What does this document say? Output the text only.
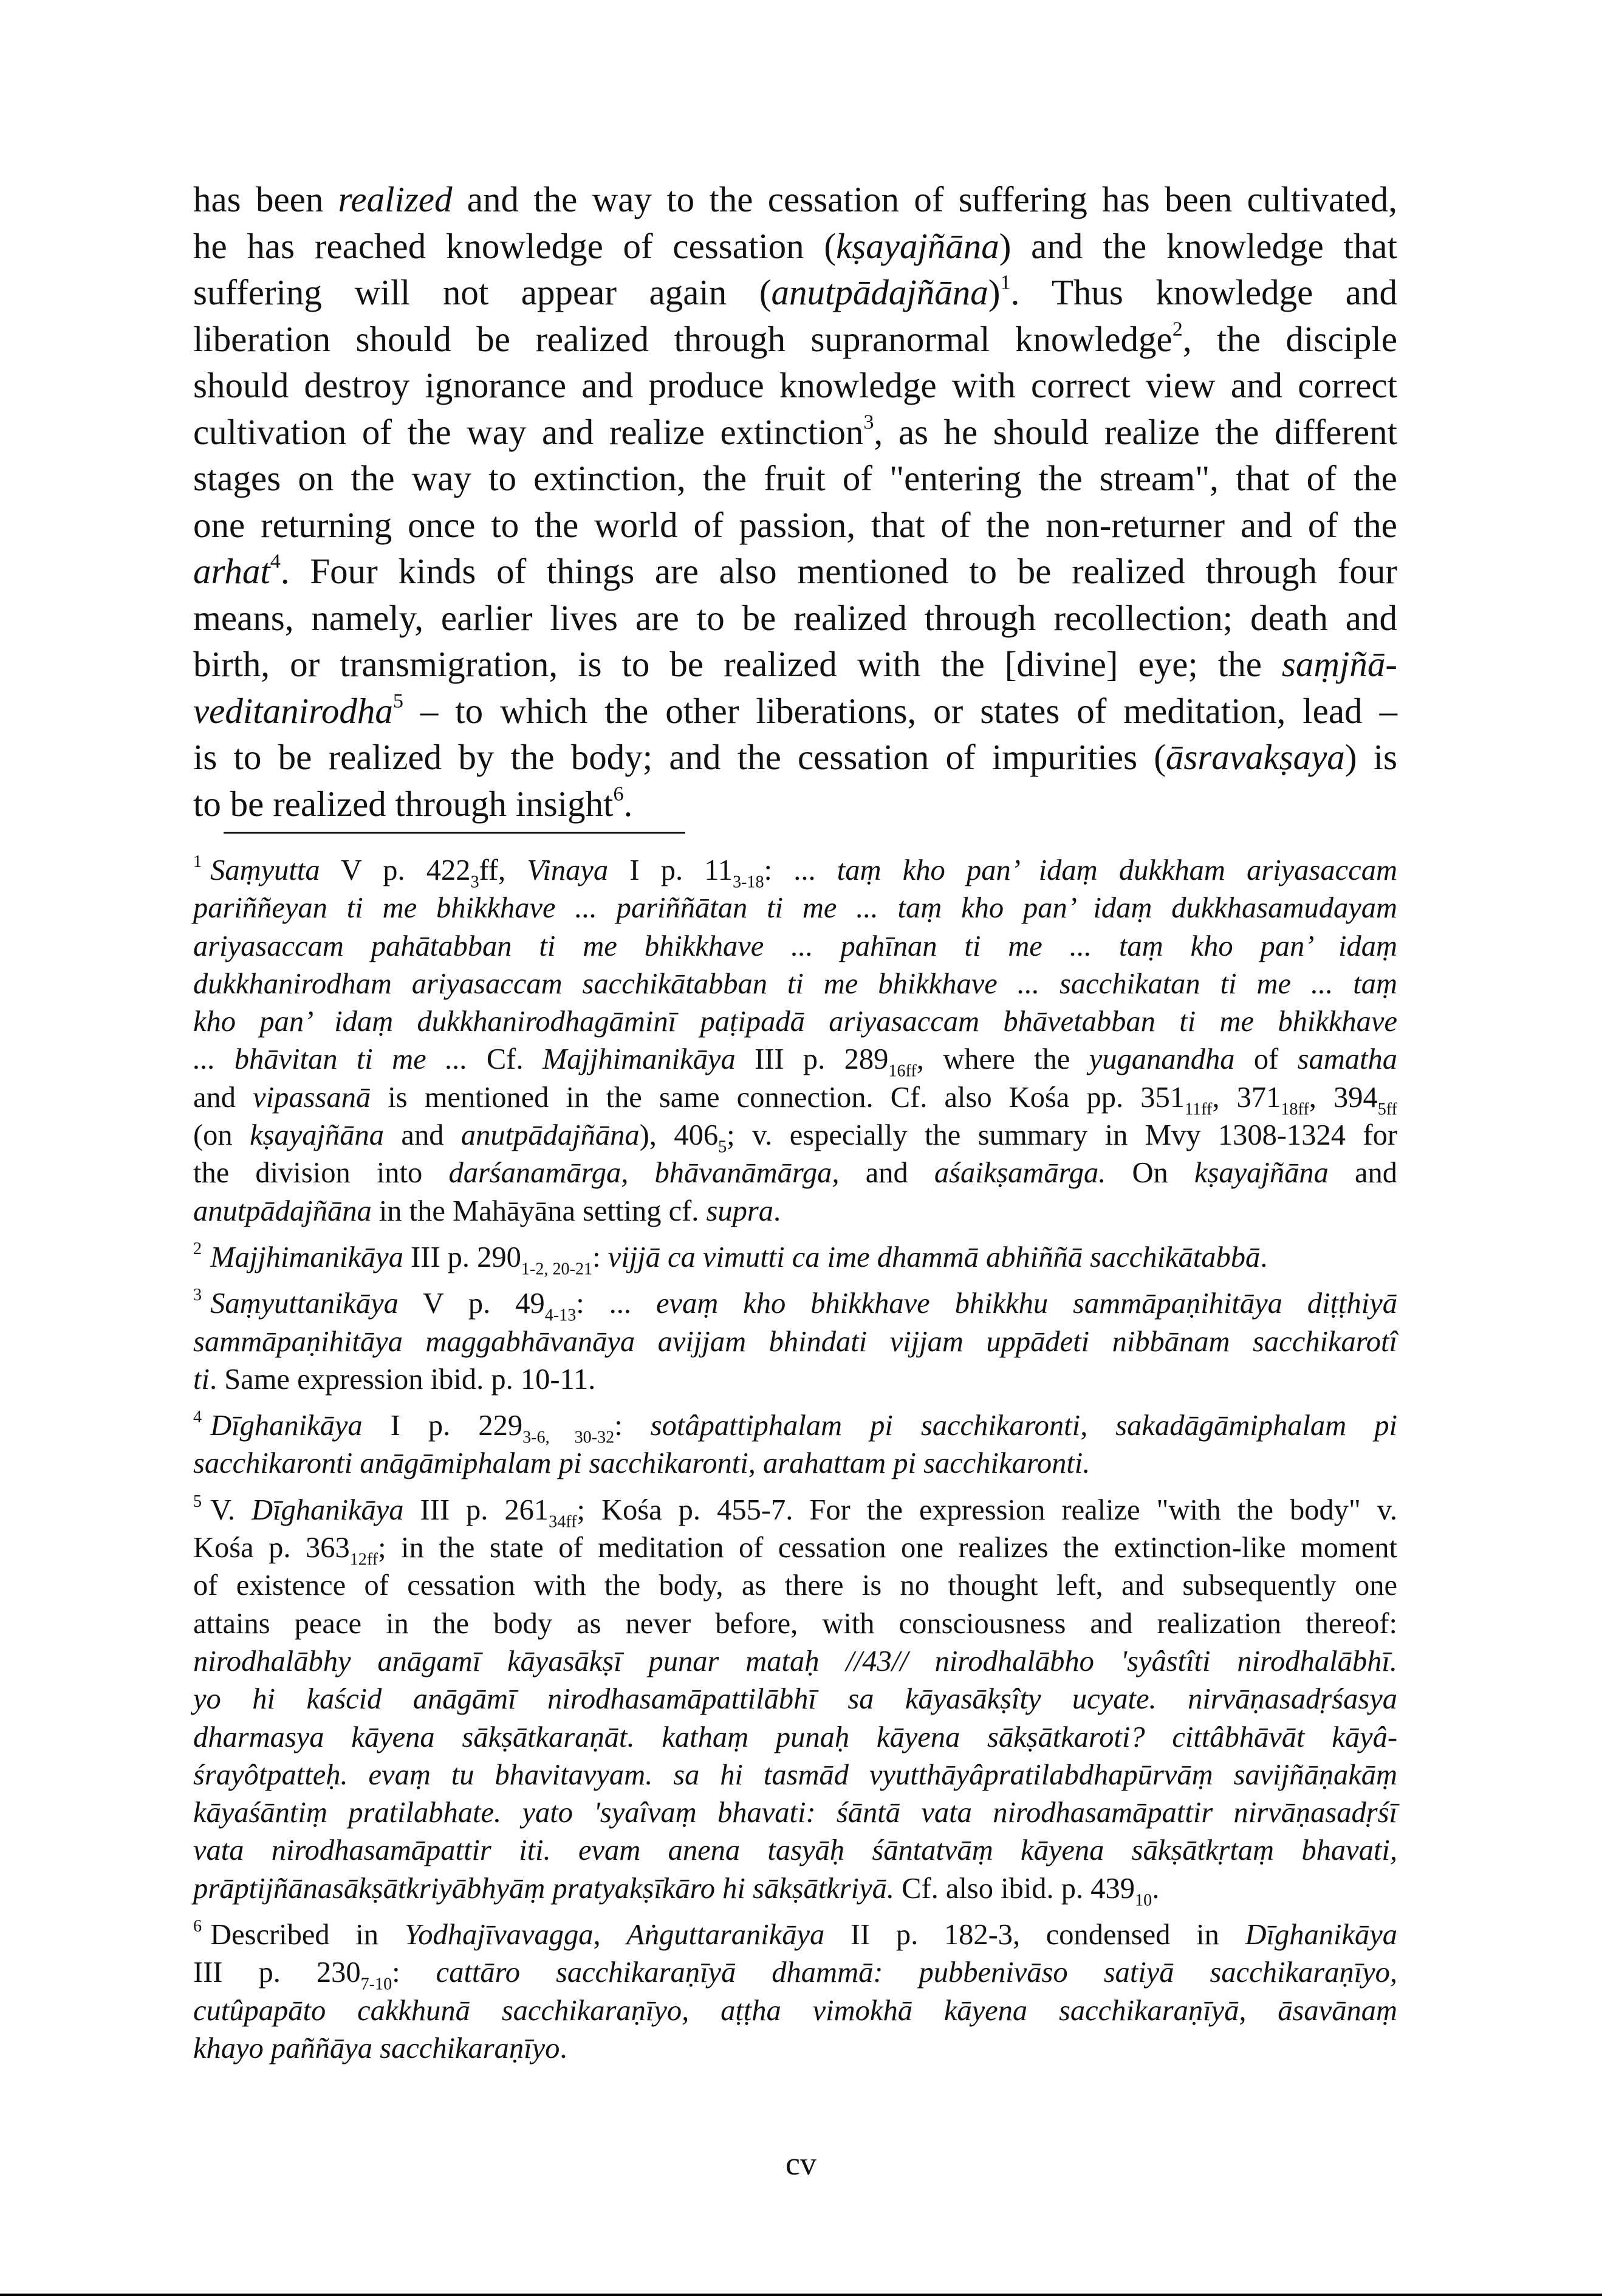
has been realized and the way to the cessation of suffering has been cultivated,
he has reached knowledge of cessation (kṣayajñāna) and the knowledge that
suffering will not appear again (anutpādajñāna)$^1$. Thus knowledge and
liberation should be realized through supranormal knowledge$^2$, the disciple
should destroy ignorance and produce knowledge with correct view and correct
cultivation of the way and realize extinction$^3$, as he should realize the different
stages on the way to extinction, the fruit of "entering the stream", that of the
one returning once to the world of passion, that of the non-returner and of the
arhat$^4$. Four kinds of things are also mentioned to be realized through four
means, namely, earlier lives are to be realized through recollection; death and
birth, or transmigration, is to be realized with the [divine] eye; the saṃjñā-
veditanirodha$^5$ – to which the other liberations, or states of meditation, lead –
is to be realized by the body; and the cessation of impurities (āsravakṣaya) is
to be realized through insight$^6$.
$^1$ Saṃyutta V p. $422_3ff$, Vinaya I p. $11_{3-18}$: ... taṃ kho pan’ idaṃ dukkham ariyasaccam
pariññeyan ti me bhikkhave ... pariññātan ti me ... taṃ kho pan’ idaṃ dukkhasamudayam
ariyasaccam pahātabban ti me bhikkhave ... pahīnan ti me ... taṃ kho pan’ idaṃ
dukkhanirodham ariyasaccam sacchikātabban ti me bhikkhave ... sacchikatan ti me ... taṃ
kho pan’ idaṃ dukkhanirodhagāminī paṭipadā ariyasaccam bhāvetabban ti me bhikkhave
... bhāvitan ti me ... Cf. Majjhimanikāya III p. $289_{16ff}$, where the yuganandha of samatha
and vipassanā is mentioned in the same connection. Cf. also Kośa pp. $351_{11ff}$, $371_{18ff}$, $394_{5ff}$
(on kṣayajñāna and anutpādajñāna), $406_5$; v. especially the summary in Mvy 1308-1324 for
the division into darśanamārga, bhāvanāmārga, and aśaikṣamārga. On kṣayajñāna and
anutpādajñāna in the Mahāyāna setting cf. supra.
$^2$ Majjhimanikāya III p. $290_{1-2, 20-21}$: vijjā ca vimutti ca ime dhammā abhiññā sacchikātabbā.
$^3$ Saṃyuttanikāya V p. $49_{4-13}$: ... evaṃ kho bhikkhave bhikkhu sammāpaṇihitāya diṭṭhiyā
sammāpaṇihitāya maggabhāvanāya avijjam bhindati vijjam uppādeti nibbānam sacchikarotî
ti. Same expression ibid. p. 10-11.
$^4$ Dīghanikāya I p. $229_{3-6, 30-32}$: sotâpattiphalam pi sacchikaronti, sakadāgāmiphalam pi
sacchikaronti anāgāmiphalam pi sacchikaronti, arahattam pi sacchikaronti.
$^5$ V. Dīghanikāya III p. $261_{34ff}$; Kośa p. 455-7. For the expression realize "with the body" v.
Kośa p. $363_{12ff}$; in the state of meditation of cessation one realizes the extinction-like moment
of existence of cessation with the body, as there is no thought left, and subsequently one
attains peace in the body as never before, with consciousness and realization thereof:
nirodhalābhy anāgamī kāyasākṣī punar mataḥ //43// nirodhalābho 'syâstîti nirodhalābhī.
yo hi kaścid anāgāmī nirodhasamāpattilābhī sa kāyasākṣîty ucyate. nirvāṇasadṛśasya
dharmasya kāyena sākṣātkaraṇāt. kathaṃ punaḥ kāyena sākṣātkaroti? cittâbhāvāt kāyâ-
śrayôtpatteḥ. evaṃ tu bhavitavyam. sa hi tasmād vyutthāyâpratilabdhapūrvāṃ savijñāṇakāṃ
kāyaśāntiṃ pratilabhate. yato 'syaîvaṃ bhavati: śāntā vata nirodhasamāpattir nirvāṇasadṛśī
vata nirodhasamāpattir iti. evam anena tasyāḥ śāntatvāṃ kāyena sākṣātkṛtaṃ bhavati,
prāptijñānasākṣātkriyābhyāṃ pratyakṣīkāro hi sākṣātkriyā. Cf. also ibid. p. $439_{10}$.
$^6$ Described in Yodhajīvavagga, Aṅguttaranikāya II p. 182-3, condensed in Dīghanikāya
III p. $230_{7-10}$: cattāro sacchikaraṇīyā dhammā: pubbenivāso satiyā sacchikaraṇīyo,
cutûpapāto cakkhunā sacchikaraṇīyo, aṭṭha vimokhā kāyena sacchikaraṇīyā, āsavānaṃ
khayo paññāya sacchikaraṇīyo.
cv
